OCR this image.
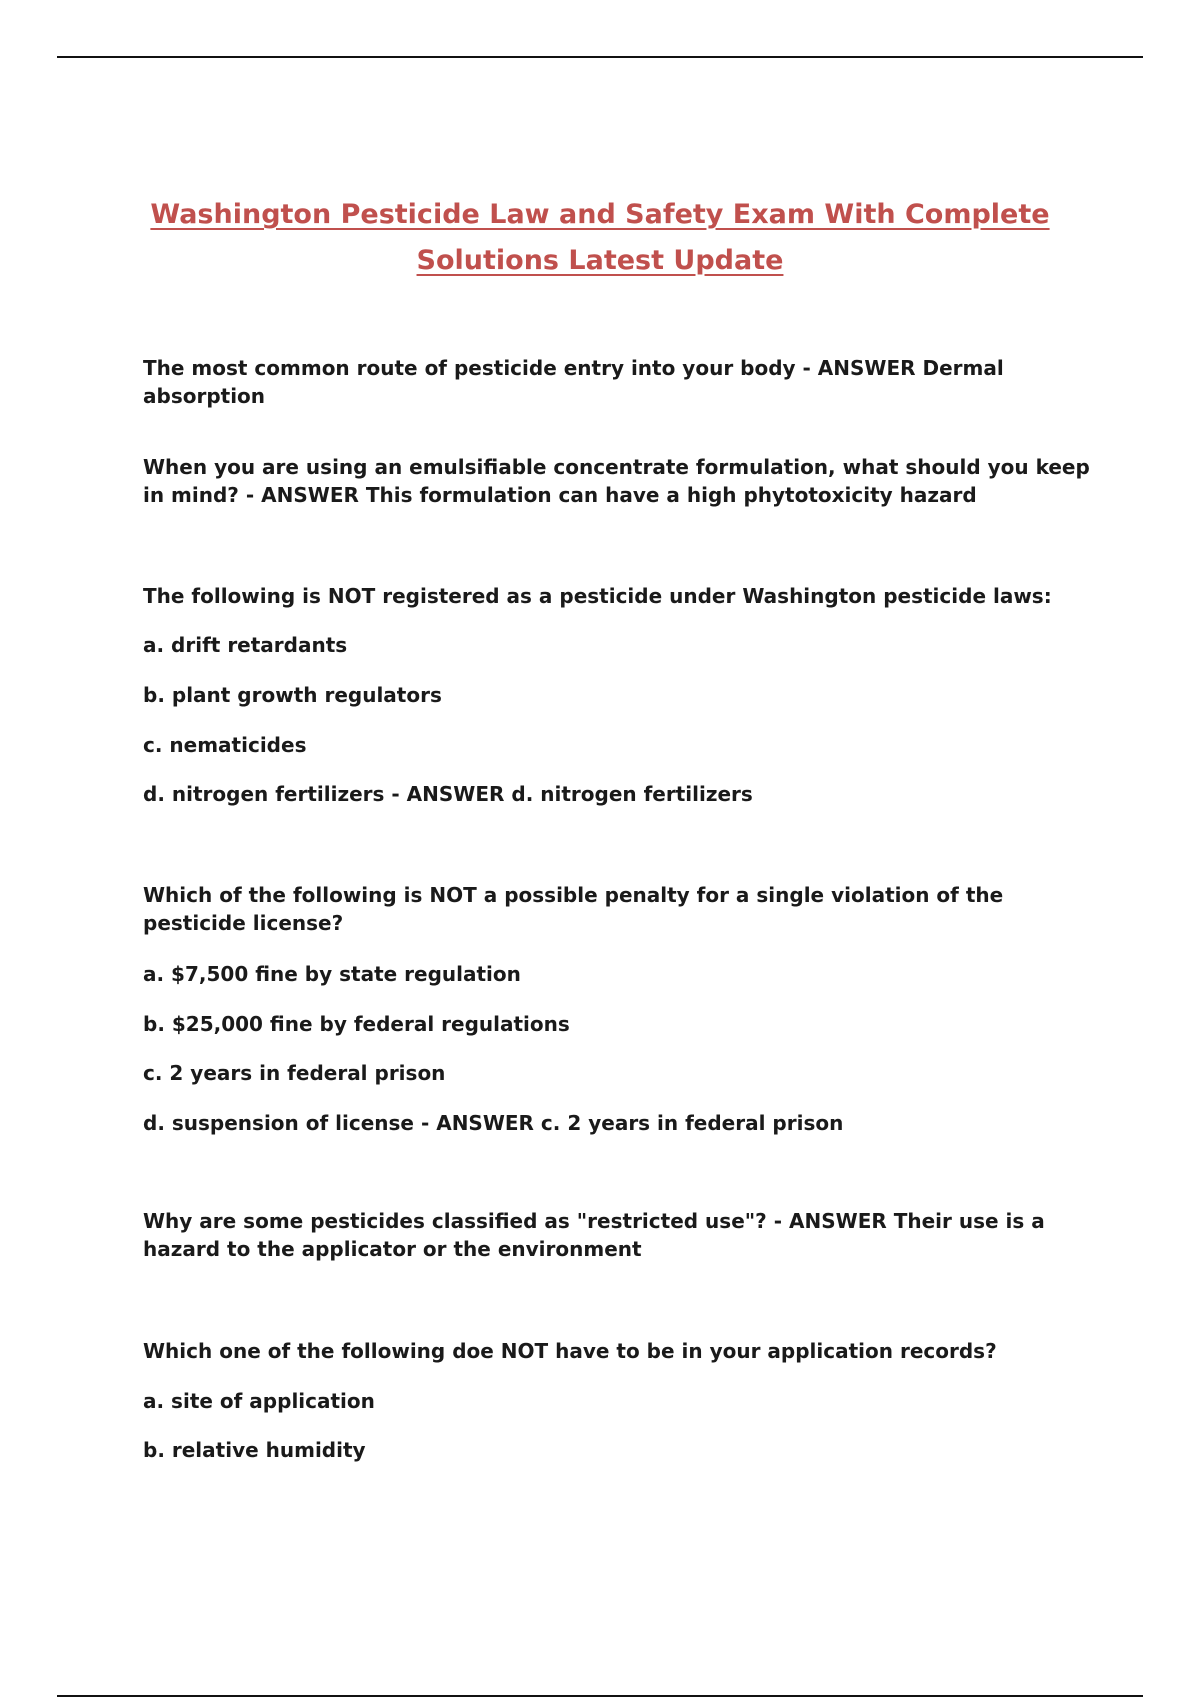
Washington Pesticide Law and Safety Exam With Complete
Solutions Latest Update

The most common route of pesticide entry into your body - ANSWER Dermal absorption

When you are using an emulsifiable concentrate formulation, what should you keep in mind? - ANSWER This formulation can have a high phytotoxicity hazard

The following is NOT registered as a pesticide under Washington pesticide laws:

a. drift retardants

b. plant growth regulators

c. nematicides

d. nitrogen fertilizers - ANSWER d. nitrogen fertilizers

Which of the following is NOT a possible penalty for a single violation of the pesticide license?

a. $7,500 fine by state regulation

b. $25,000 fine by federal regulations

c. 2 years in federal prison

d. suspension of license - ANSWER c. 2 years in federal prison

Why are some pesticides classified as "restricted use"? - ANSWER Their use is a hazard to the applicator or the environment

Which one of the following doe NOT have to be in your application records?

a. site of application

b. relative humidity
